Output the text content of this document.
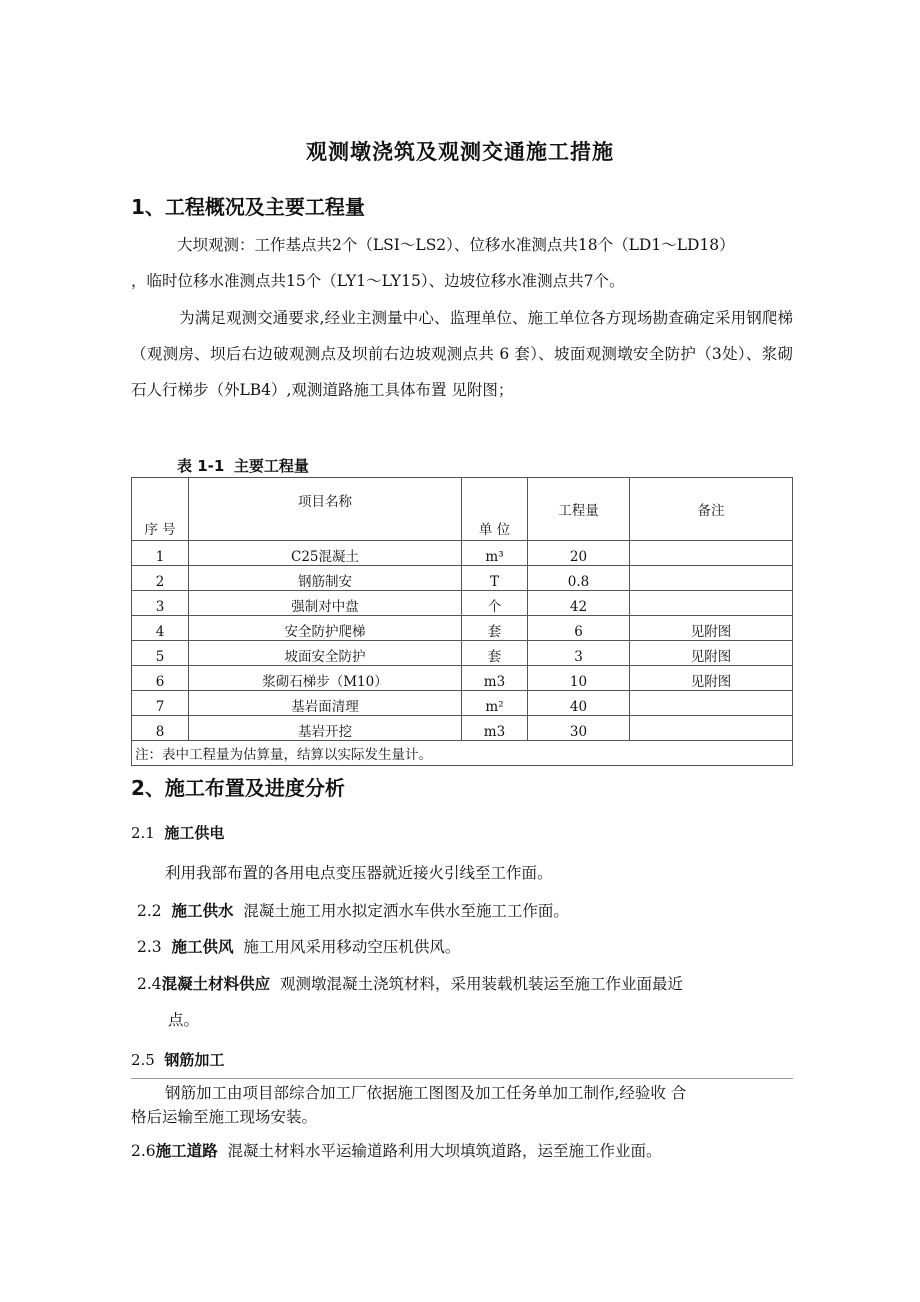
观测墩浇筑及观测交通施工措施
1、工程概况及主要工程量
大坝观测：工作基点共2个（LSI〜LS2）、位移水准测点共18个（LD1〜LD18）
，临时位移水准测点共15个（LY1〜LY15）、边坡位移水准测点共7个。
为满足观测交通要求,经业主测量中心、监理单位、施工单位各方现场勘查确定采用钢爬梯（观测房、坝后右边破观测点及坝前右边坡观测点共 6 套）、坡面观测墩安全防护（3处）、浆砌石人行梯步（外LB4）,观测道路施工具体布置 见附图；
表 1-1 主要工程量
序 号	项目名称	单 位	工程量	备注
1	C25混凝土	m³	20	
2	钢筋制安	T	0.8	
3	强制对中盘	个	42	
4	安全防护爬梯	套	6	见附图
5	坡面安全防护	套	3	见附图
6	浆砌石梯步（M10）	m3	10	见附图
7	基岩面清理	m²	40	
8	基岩开挖	m3	30	
注：表中工程量为估算量，结算以实际发生量计。				
2、施工布置及进度分析
2.1 施工供电
利用我部布置的各用电点变压器就近接火引线至工作面。
2.2 施工供水 混凝土施工用水拟定洒水车供水至施工工作面。
2.3 施工供风 施工用风采用移动空压机供风。
2.4混凝土材料供应 观测墩混凝土浇筑材料，采用装载机装运至施工作业面最近
点。
2.5 钢筋加工
钢筋加工由项目部综合加工厂依据施工图图及加工任务单加工制作,经验收 合
格后运输至施工现场安装。
2.6施工道路 混凝土材料水平运输道路利用大坝填筑道路，运至施工作业面。
